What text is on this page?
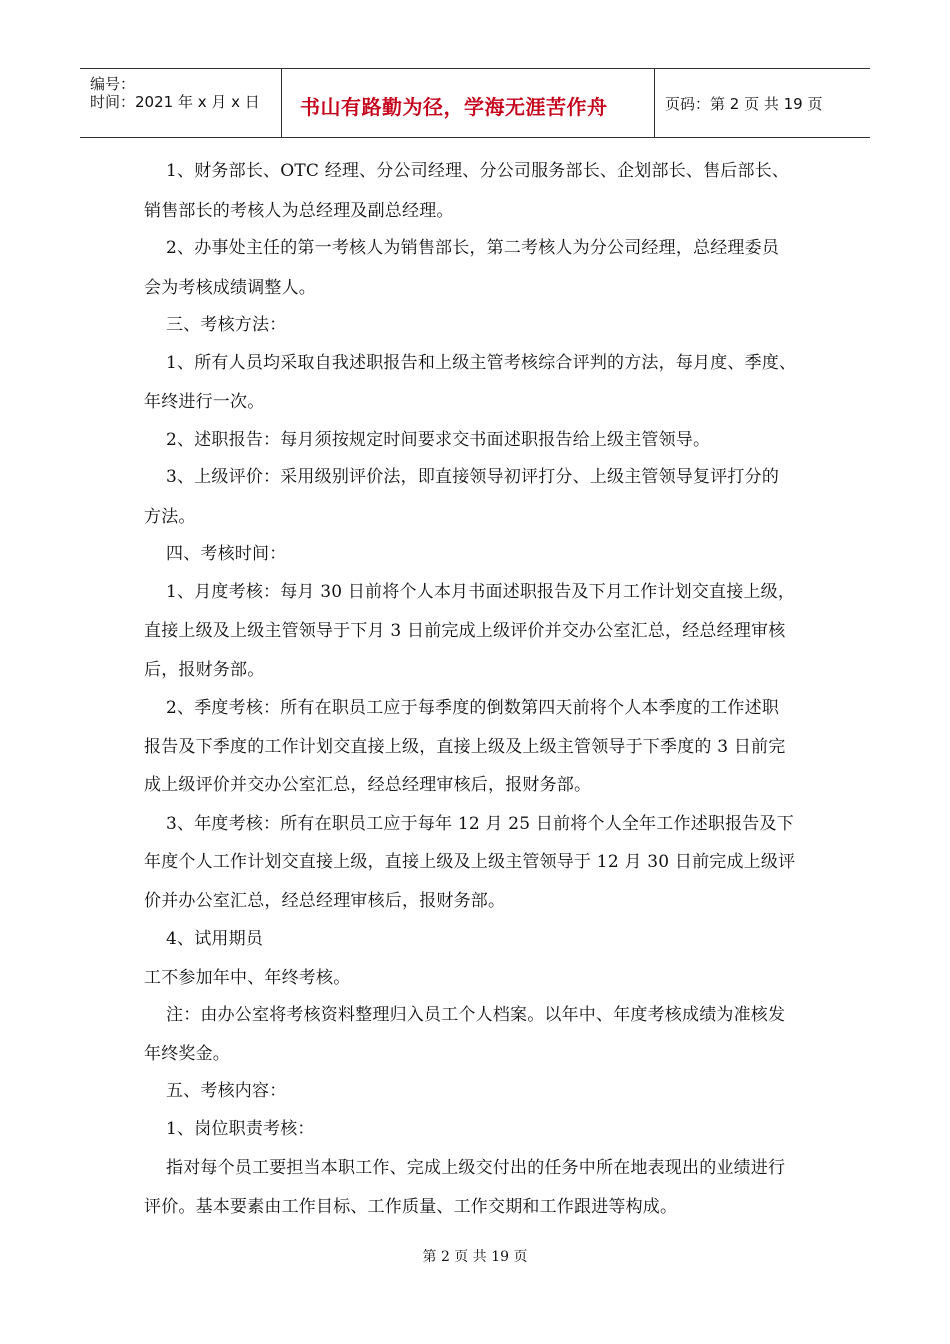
编号：
时间：2021 年 x 月 x 日 书山有路勤为径，学海无涯苦作舟	页码：第 2 页 共 19 页
1、财务部长、OTC 经理、分公司经理、分公司服务部长、企划部长、售后部长、
销售部长的考核人为总经理及副总经理。
2、办事处主任的第一考核人为销售部长，第二考核人为分公司经理，总经理委员
会为考核成绩调整人。
三、考核方法：
1、所有人员均采取自我述职报告和上级主管考核综合评判的方法，每月度、季度、
年终进行一次。
2、述职报告：每月须按规定时间要求交书面述职报告给上级主管领导。
3、上级评价：采用级别评价法，即直接领导初评打分、上级主管领导复评打分的
方法。
四、考核时间：
1、月度考核：每月 30 日前将个人本月书面述职报告及下月工作计划交直接上级，
直接上级及上级主管领导于下月 3 日前完成上级评价并交办公室汇总，经总经理审核
后，报财务部。
2、季度考核：所有在职员工应于每季度的倒数第四天前将个人本季度的工作述职
报告及下季度的工作计划交直接上级，直接上级及上级主管领导于下季度的 3 日前完
成上级评价并交办公室汇总，经总经理审核后，报财务部。
3、年度考核：所有在职员工应于每年 12 月 25 日前将个人全年工作述职报告及下
年度个人工作计划交直接上级，直接上级及上级主管领导于 12 月 30 日前完成上级评
价并办公室汇总，经总经理审核后，报财务部。
4、试用期员
工不参加年中、年终考核。
注：由办公室将考核资料整理归入员工个人档案。以年中、年度考核成绩为准核发
年终奖金。
五、考核内容：
1、岗位职责考核：
指对每个员工要担当本职工作、完成上级交付出的任务中所在地表现出的业绩进行
评价。基本要素由工作目标、工作质量、工作交期和工作跟进等构成。
第 2 页 共 19 页
